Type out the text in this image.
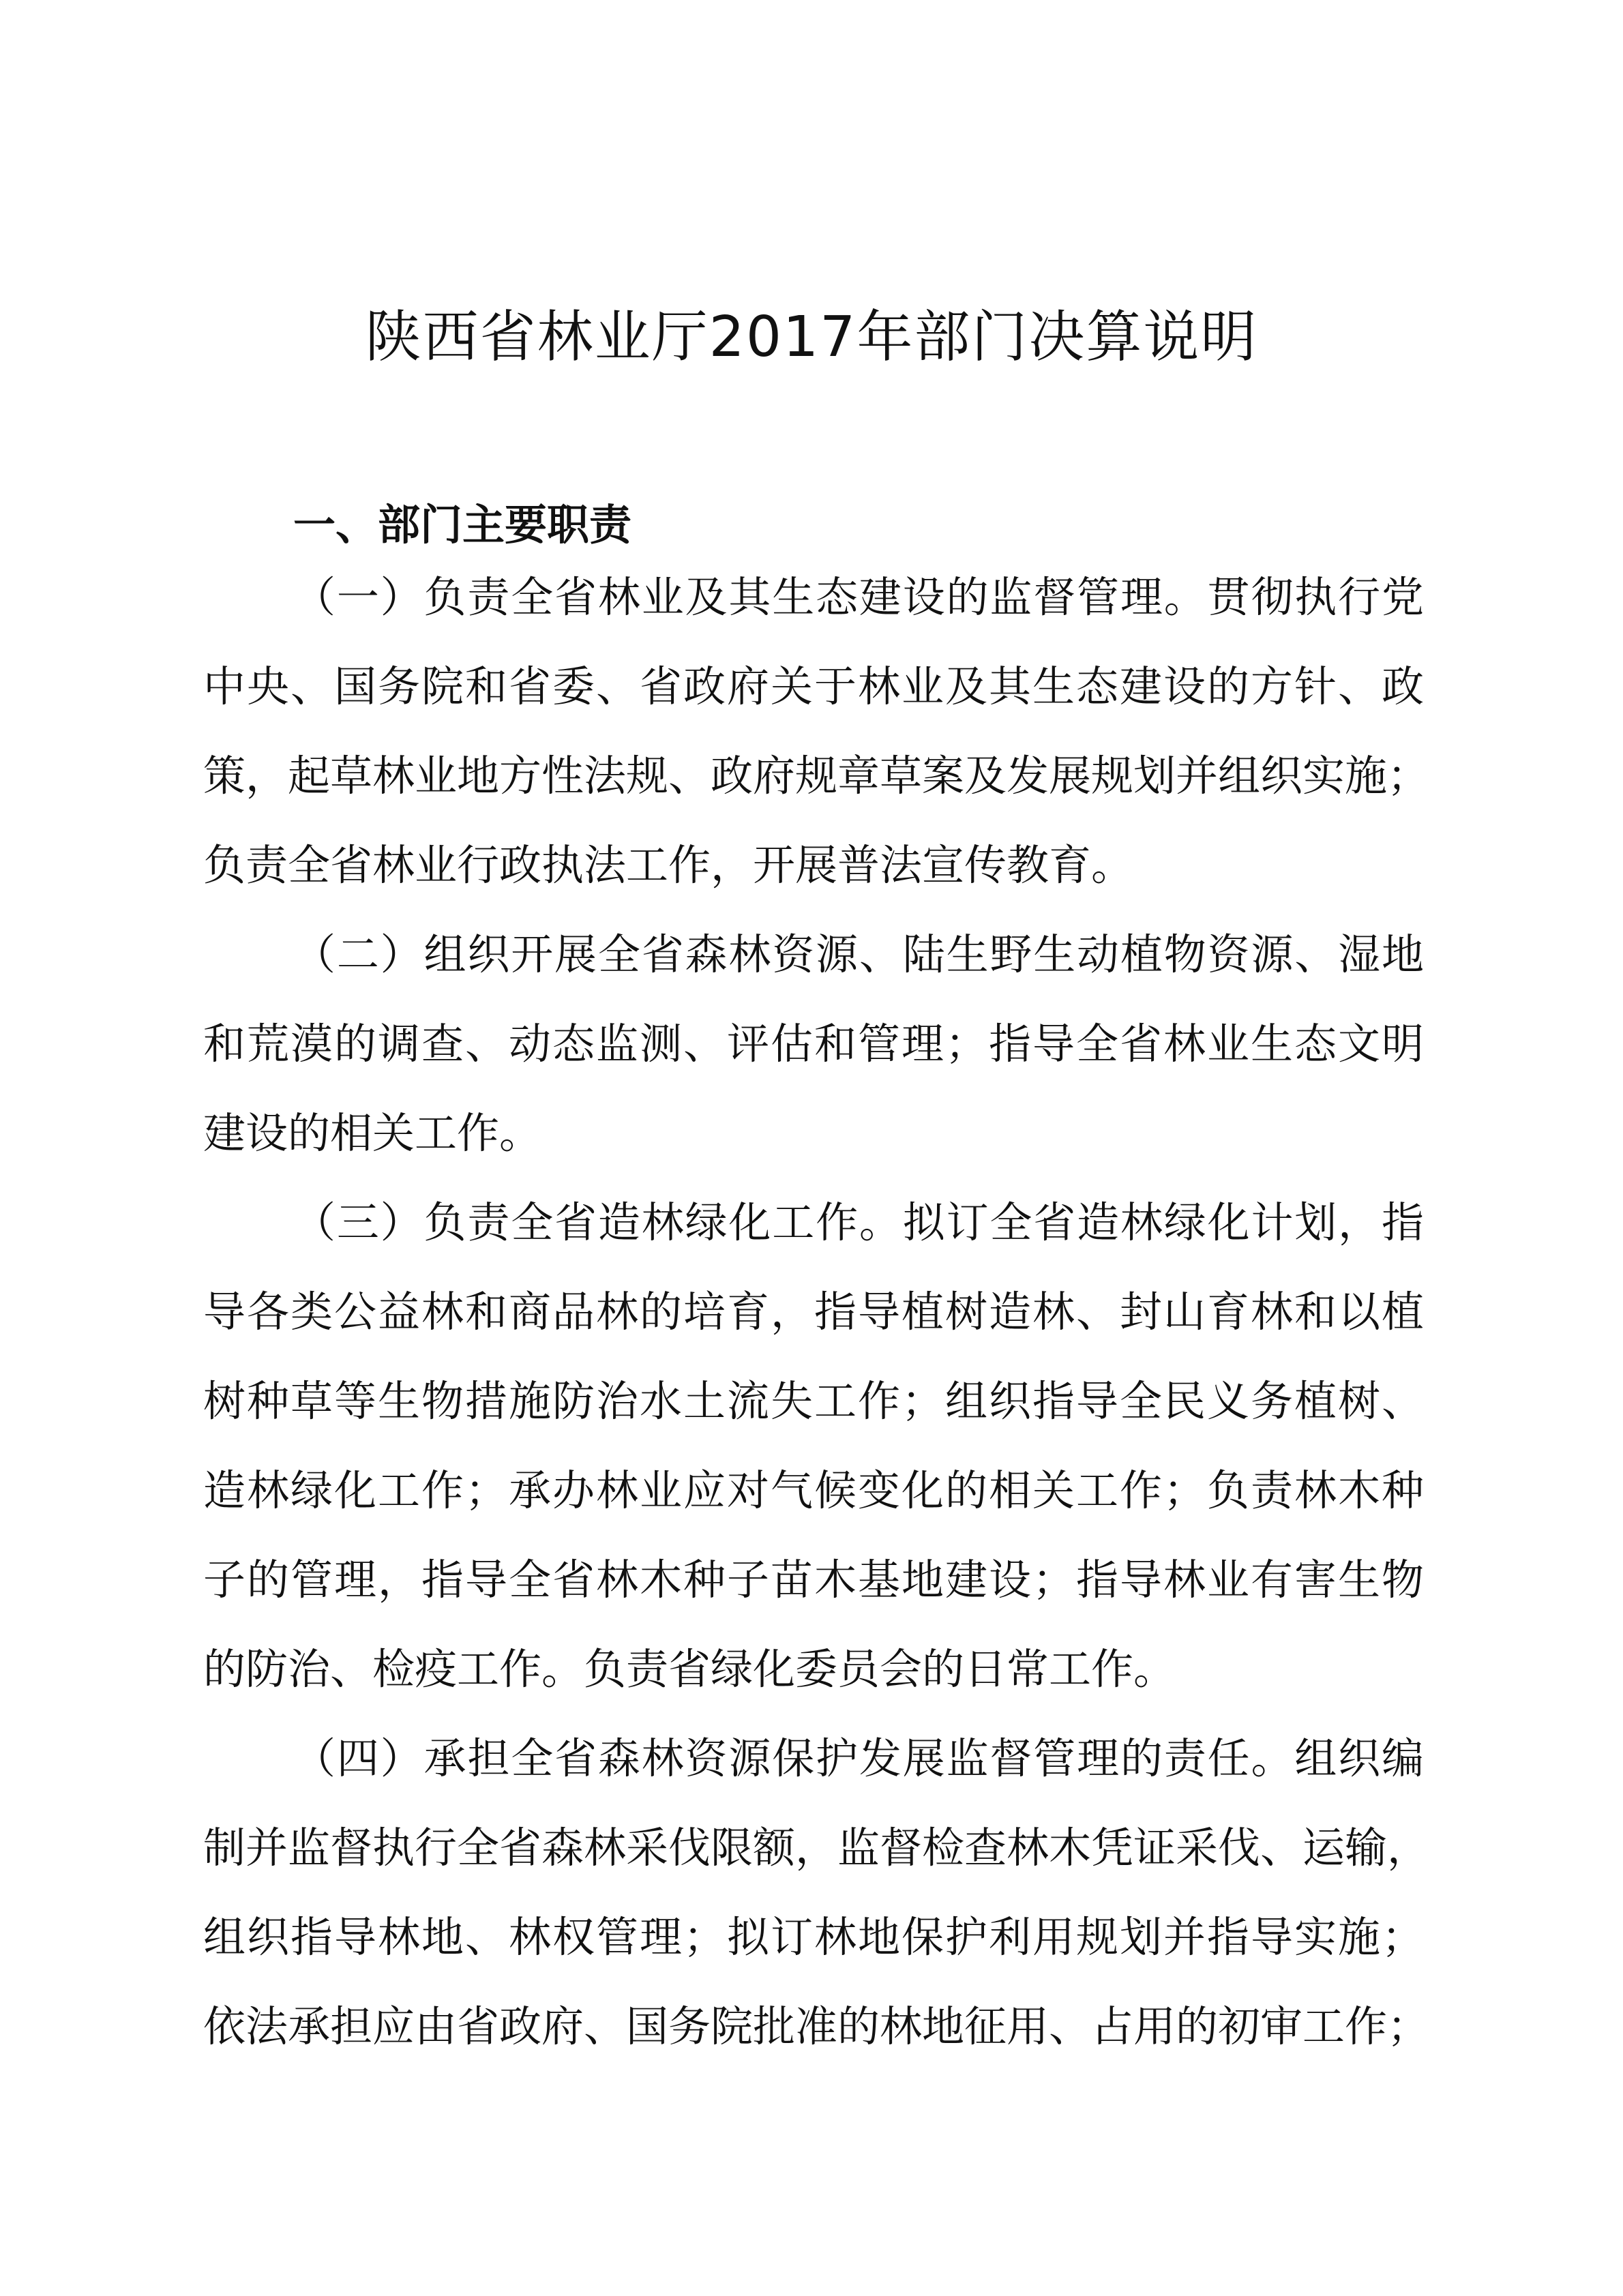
陕西省林业厅2017年部门决算说明
一、部门主要职责
（一）负责全省林业及其生态建设的监督管理。贯彻执行党
中央、国务院和省委、省政府关于林业及其生态建设的方针、政
策，起草林业地方性法规、政府规章草案及发展规划并组织实施；
负责全省林业行政执法工作，开展普法宣传教育。
（二）组织开展全省森林资源、陆生野生动植物资源、湿地
和荒漠的调查、动态监测、评估和管理；指导全省林业生态文明
建设的相关工作。
（三）负责全省造林绿化工作。拟订全省造林绿化计划，指
导各类公益林和商品林的培育，指导植树造林、封山育林和以植
树种草等生物措施防治水土流失工作；组织指导全民义务植树、
造林绿化工作；承办林业应对气候变化的相关工作；负责林木种
子的管理，指导全省林木种子苗木基地建设；指导林业有害生物
的防治、检疫工作。负责省绿化委员会的日常工作。
（四）承担全省森林资源保护发展监督管理的责任。组织编
制并监督执行全省森林采伐限额，监督检查林木凭证采伐、运输，
组织指导林地、林权管理；拟订林地保护利用规划并指导实施；
依法承担应由省政府、国务院批准的林地征用、占用的初审工作；
